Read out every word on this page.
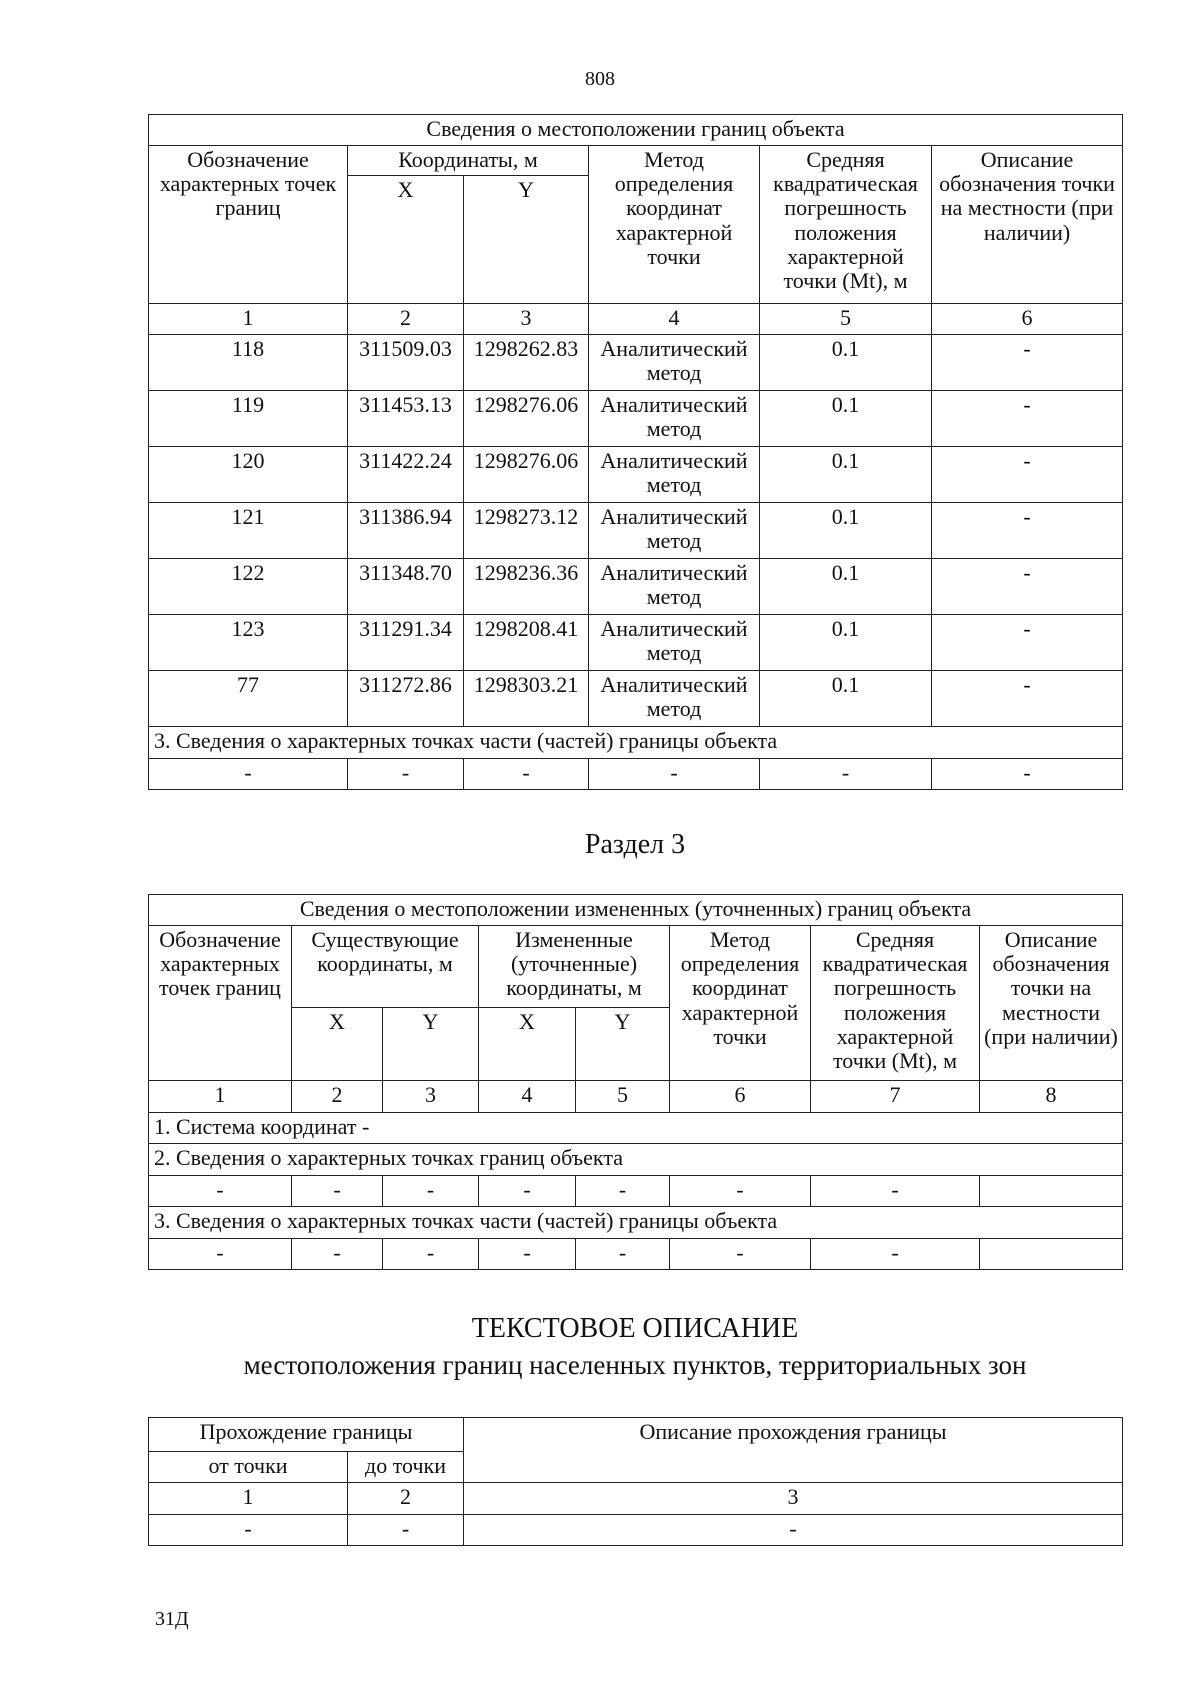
808
Сведения о местоположении границ объекта					
Обозначение характерных точек границ	Координаты, м		Метод определения координат характерной точки	Средняя квадратическая погрешность положения характерной точки (Mt), м	Описание обозначения точки на местности (при наличии)
	X	Y			
1	2	3	4	5	6
118	311509.03	1298262.83	Аналитический метод	0.1	-
119	311453.13	1298276.06	Аналитический метод	0.1	-
120	311422.24	1298276.06	Аналитический метод	0.1	-
121	311386.94	1298273.12	Аналитический метод	0.1	-
122	311348.70	1298236.36	Аналитический метод	0.1	-
123	311291.34	1298208.41	Аналитический метод	0.1	-
77	311272.86	1298303.21	Аналитический метод	0.1	-
3. Сведения о характерных точках части (частей) границы объекта					
-	-	-	-	-	-
Раздел 3
Сведения о местоположении измененных (уточненных) границ объекта							
Обозначение характерных точек границ	Существующие координаты, м		Измененные (уточненные) координаты, м		Метод определения координат характерной точки	Средняя квадратическая погрешность положения характерной точки (Mt), м	Описание обозначения точки на местности (при наличии)
	X	Y	X	Y			
1	2	3	4	5	6	7	8
1. Система координат -							
2. Сведения о характерных точках границ объекта							
-	-	-	-	-	-	-	
3. Сведения о характерных точках части (частей) границы объекта							
-	-	-	-	-	-	-	
ТЕКСТОВОЕ ОПИСАНИЕ
местоположения границ населенных пунктов, территориальных зон
Прохождение границы		Описание прохождения границы
от точки	до точки	
1	2	3
-	-	-
31Д
